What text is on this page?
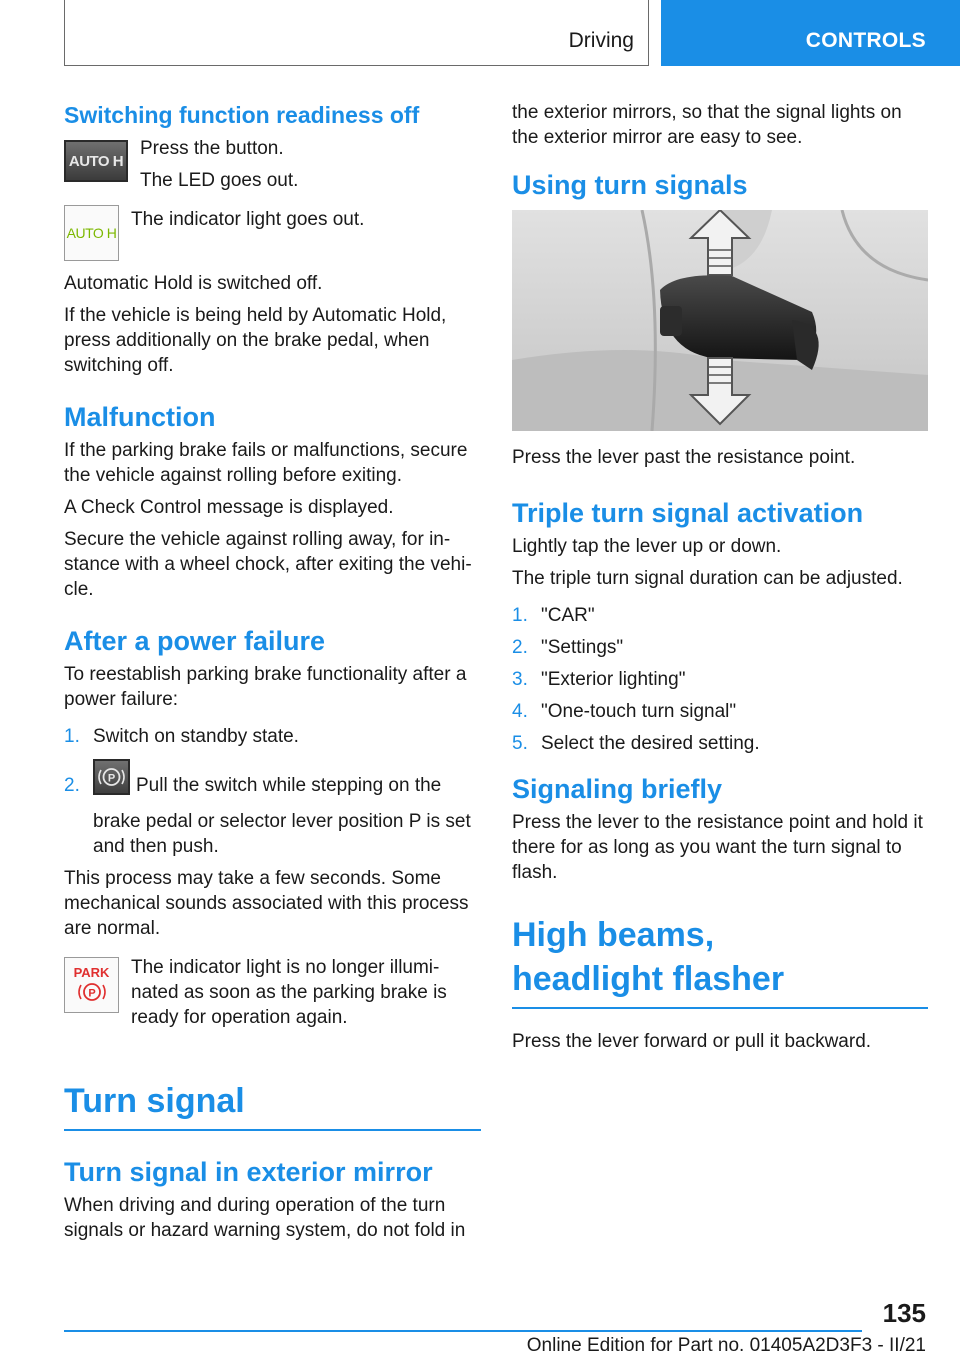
Driving	CONTROLS
Switching function readiness off
AUTO H

Press the button.

The LED goes out.

AUTO H

The indicator light goes out.

Automatic Hold is switched off.

If the vehicle is being held by Automatic Hold, press additionally on the brake pedal, when switching off.

Malfunction

If the parking brake fails or malfunctions, secure the vehicle against rolling before exiting.

A Check Control message is displayed.

Secure the vehicle against rolling away, for in-stance with a wheel chock, after exiting the vehi-cle.

After a power failure

To reestablish parking brake functionality after a power failure:

1. Switch on standby state.
2.	P Pull the switch while stepping on the brake pedal or selector lever position P is set and then push.

This process may take a few seconds. Some mechanical sounds associated with this process are normal.

PARK
P

The indicator light is no longer illumi-nated as soon as the parking brake is ready for operation again.

Turn signal
Turn signal in exterior mirror

When driving and during operation of the turn signals or hazard warning system, do not fold in

the exterior mirrors, so that the signal lights on the exterior mirror are easy to see.

Using turn signals

Press the lever past the resistance point.

Triple turn signal activation

Lightly tap the lever up or down.

The triple turn signal duration can be adjusted.

1. "CAR"
2. "Settings"
3. "Exterior lighting"
4. "One-touch turn signal"
5. Select the desired setting.
Signaling briefly

Press the lever to the resistance point and hold it there for as long as you want the turn signal to flash.

High beams,
headlight flasher

Press the lever forward or pull it backward.

135
Online Edition for Part no. 01405A2D3F3 - II/21
